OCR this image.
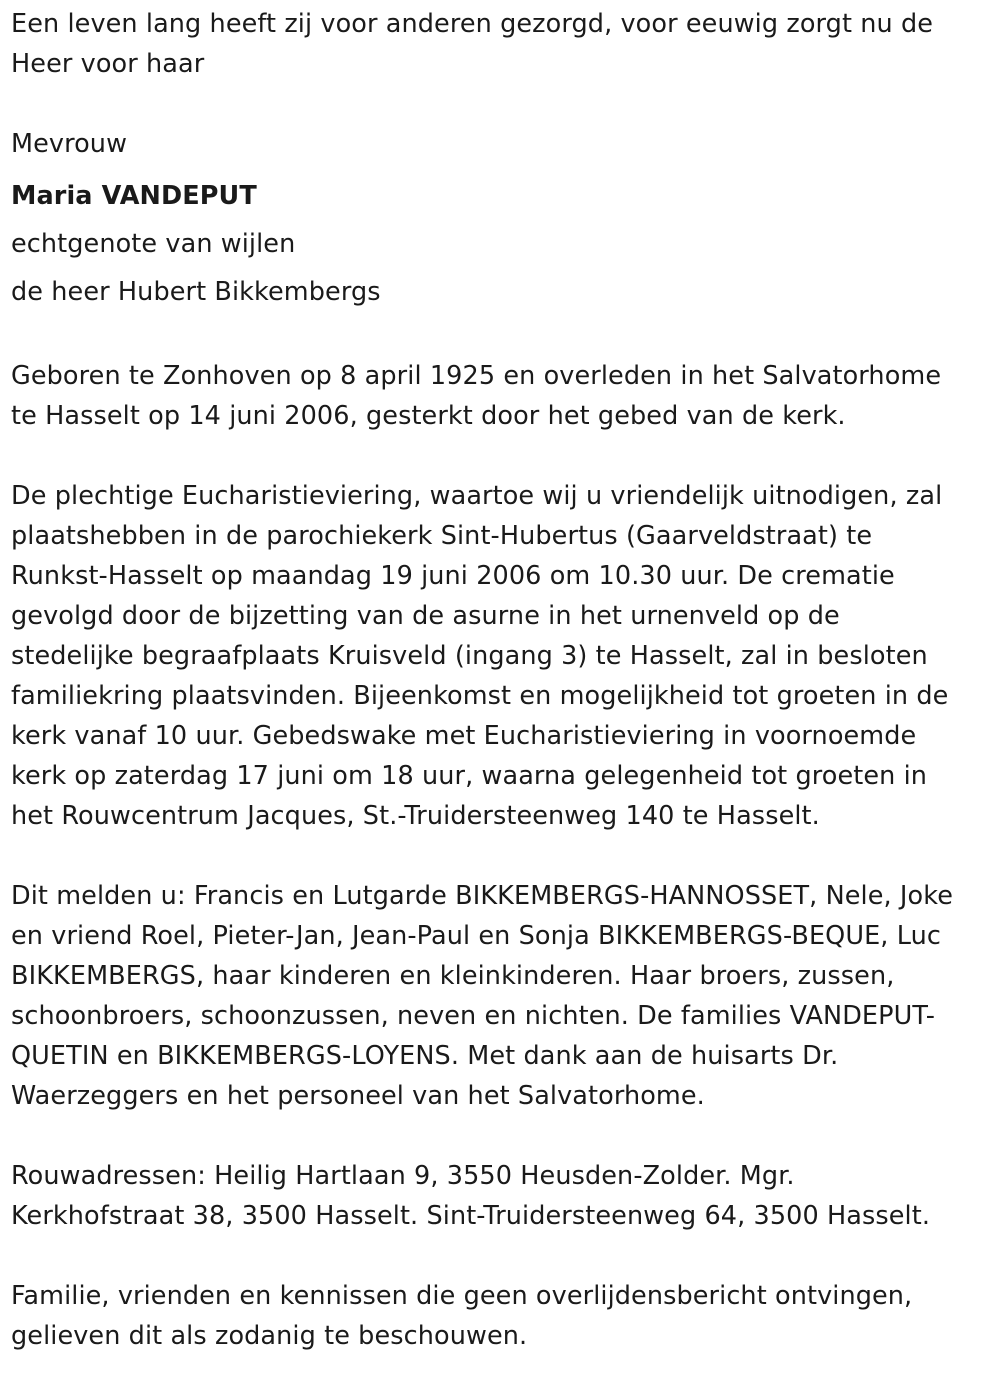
Een leven lang heeft zij voor anderen gezorgd, voor eeuwig zorgt nu de
Heer voor haar
Mevrouw
Maria VANDEPUT
echtgenote van wijlen
de heer Hubert Bikkembergs
Geboren te Zonhoven op 8 april 1925 en overleden in het Salvatorhome
te Hasselt op 14 juni 2006, gesterkt door het gebed van de kerk.
De plechtige Eucharistieviering, waartoe wij u vriendelijk uitnodigen, zal
plaatshebben in de parochiekerk Sint-Hubertus (Gaarveldstraat) te
Runkst-Hasselt op maandag 19 juni 2006 om 10.30 uur. De crematie
gevolgd door de bijzetting van de asurne in het urnenveld op de
stedelijke begraafplaats Kruisveld (ingang 3) te Hasselt, zal in besloten
familiekring plaatsvinden. Bijeenkomst en mogelijkheid tot groeten in de
kerk vanaf 10 uur. Gebedswake met Eucharistieviering in voornoemde
kerk op zaterdag 17 juni om 18 uur, waarna gelegenheid tot groeten in
het Rouwcentrum Jacques, St.-Truidersteenweg 140 te Hasselt.
Dit melden u: Francis en Lutgarde BIKKEMBERGS-HANNOSSET, Nele, Joke
en vriend Roel, Pieter-Jan, Jean-Paul en Sonja BIKKEMBERGS-BEQUE, Luc
BIKKEMBERGS, haar kinderen en kleinkinderen. Haar broers, zussen,
schoonbroers, schoonzussen, neven en nichten. De families VANDEPUT-
QUETIN en BIKKEMBERGS-LOYENS. Met dank aan de huisarts Dr.
Waerzeggers en het personeel van het Salvatorhome.
Rouwadressen: Heilig Hartlaan 9, 3550 Heusden-Zolder. Mgr.
Kerkhofstraat 38, 3500 Hasselt. Sint-Truidersteenweg 64, 3500 Hasselt.
Familie, vrienden en kennissen die geen overlijdensbericht ontvingen,
gelieven dit als zodanig te beschouwen.
